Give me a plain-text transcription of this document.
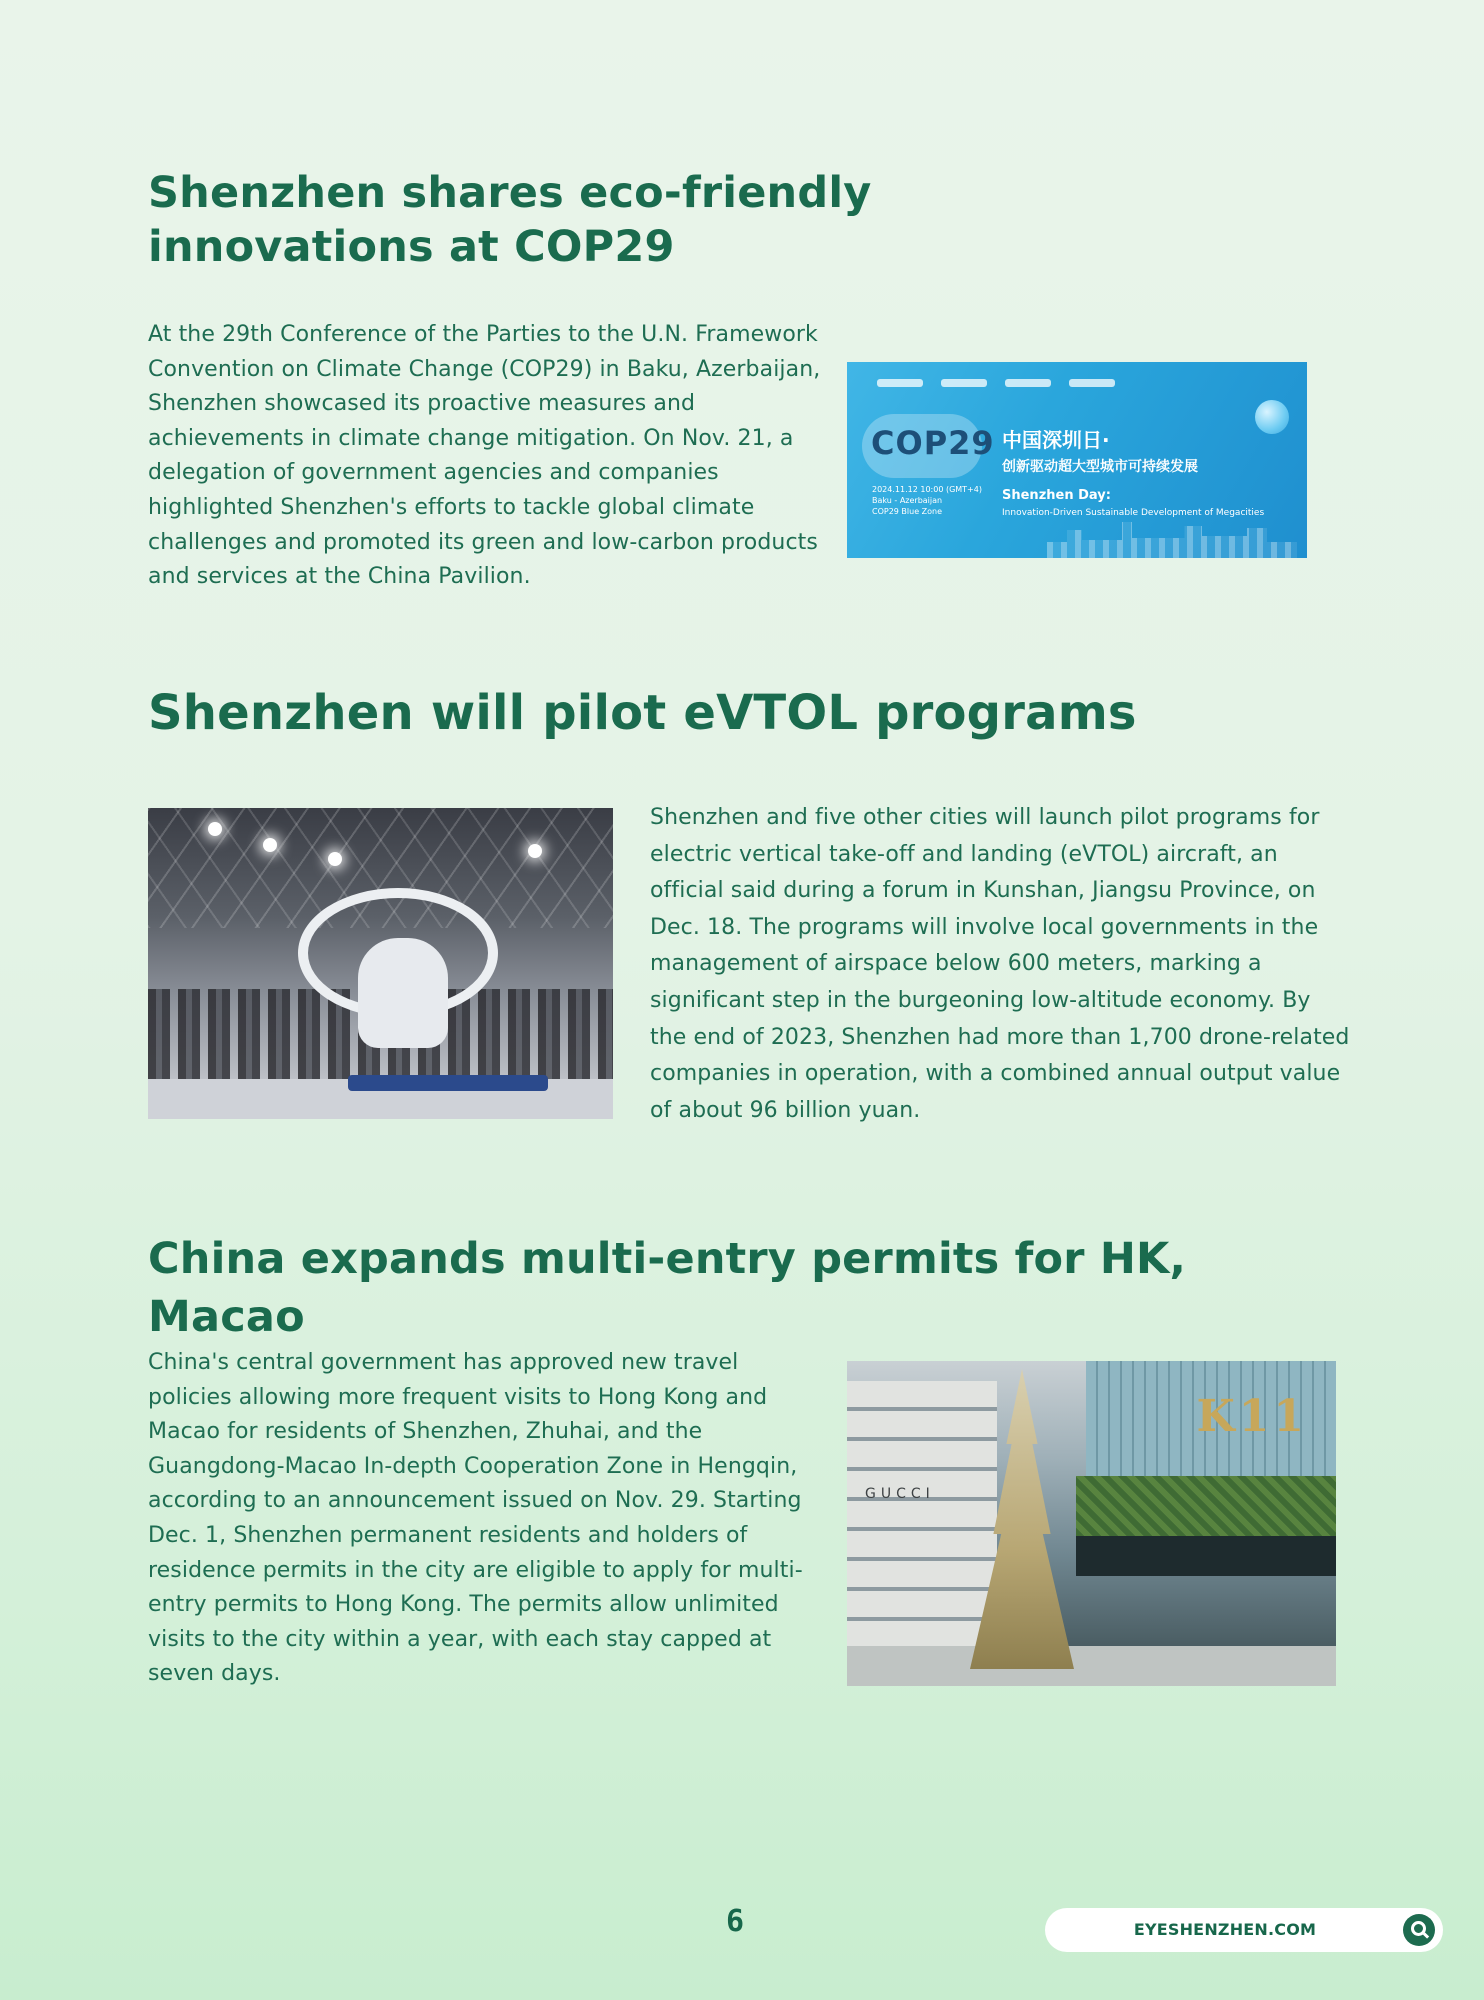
Shenzhen shares eco-friendly innovations at COP29

At the 29th Conference of the Parties to the U.N. Framework Convention on Climate Change (COP29) in Baku, Azerbaijan, Shenzhen showcased its proactive measures and achievements in climate change mitigation. On Nov. 21, a delegation of government agencies and companies highlighted Shenzhen's efforts to tackle global climate challenges and promoted its green and low-carbon products and services at the China Pavilion.

COP29 中国深圳日·
创新驱动超大型城市可持续发展
2024.11.12 10:00 (GMT+4)
Baku - Azerbaijan
COP29 Blue Zone
Shenzhen Day:
Innovation-Driven Sustainable Development of Megacities
Shenzhen will pilot eVTOL programs

Shenzhen and five other cities will launch pilot programs for electric vertical take-off and landing (eVTOL) aircraft, an official said during a forum in Kunshan, Jiangsu Province, on Dec. 18. The programs will involve local governments in the management of airspace below 600 meters, marking a significant step in the burgeoning low-altitude economy. By the end of 2023, Shenzhen had more than 1,700 drone-related companies in operation, with a combined annual output value of about 96 billion yuan.

China expands multi-entry permits for HK, Macao

China's central government has approved new travel policies allowing more frequent visits to Hong Kong and Macao for residents of Shenzhen, Zhuhai, and the Guangdong-Macao In-depth Cooperation Zone in Hengqin, according to an announcement issued on Nov. 29. Starting Dec. 1, Shenzhen permanent residents and holders of residence permits in the city are eligible to apply for multi-entry permits to Hong Kong. The permits allow unlimited visits to the city within a year, with each stay capped at seven days.

GUCCI
K11
6	EYESHENZHEN.COM
